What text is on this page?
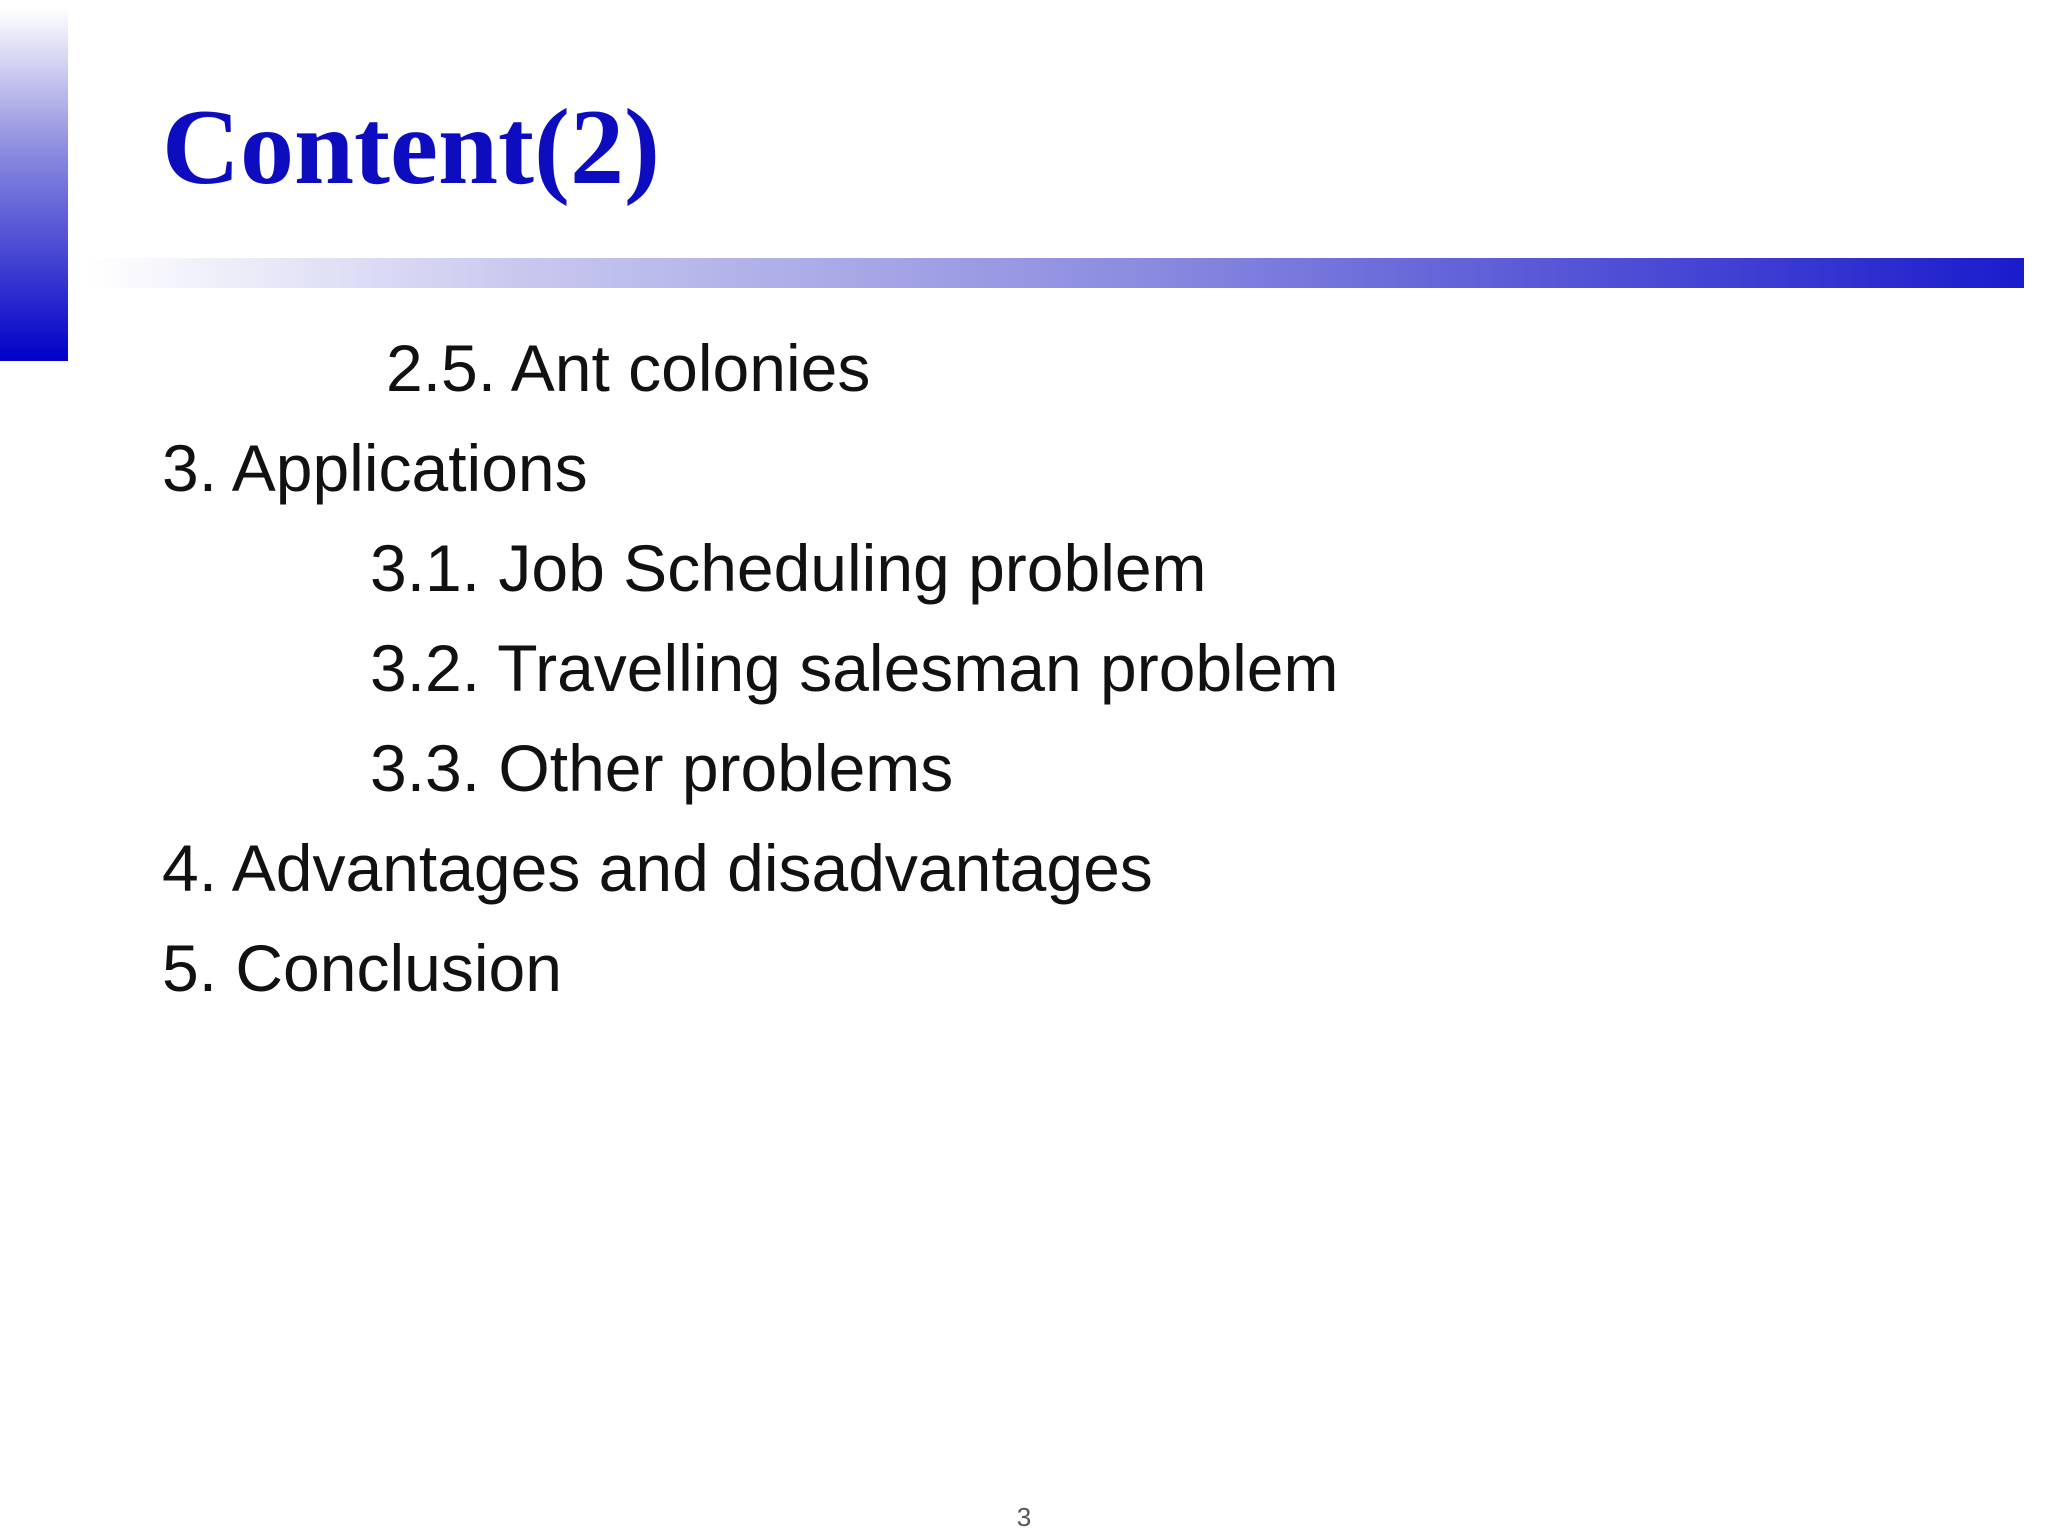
Content(2)
2.5. Ant colonies
3. Applications
3.1. Job Scheduling problem
3.2. Travelling salesman problem
3.3. Other problems
4. Advantages and disadvantages
5. Conclusion
3
